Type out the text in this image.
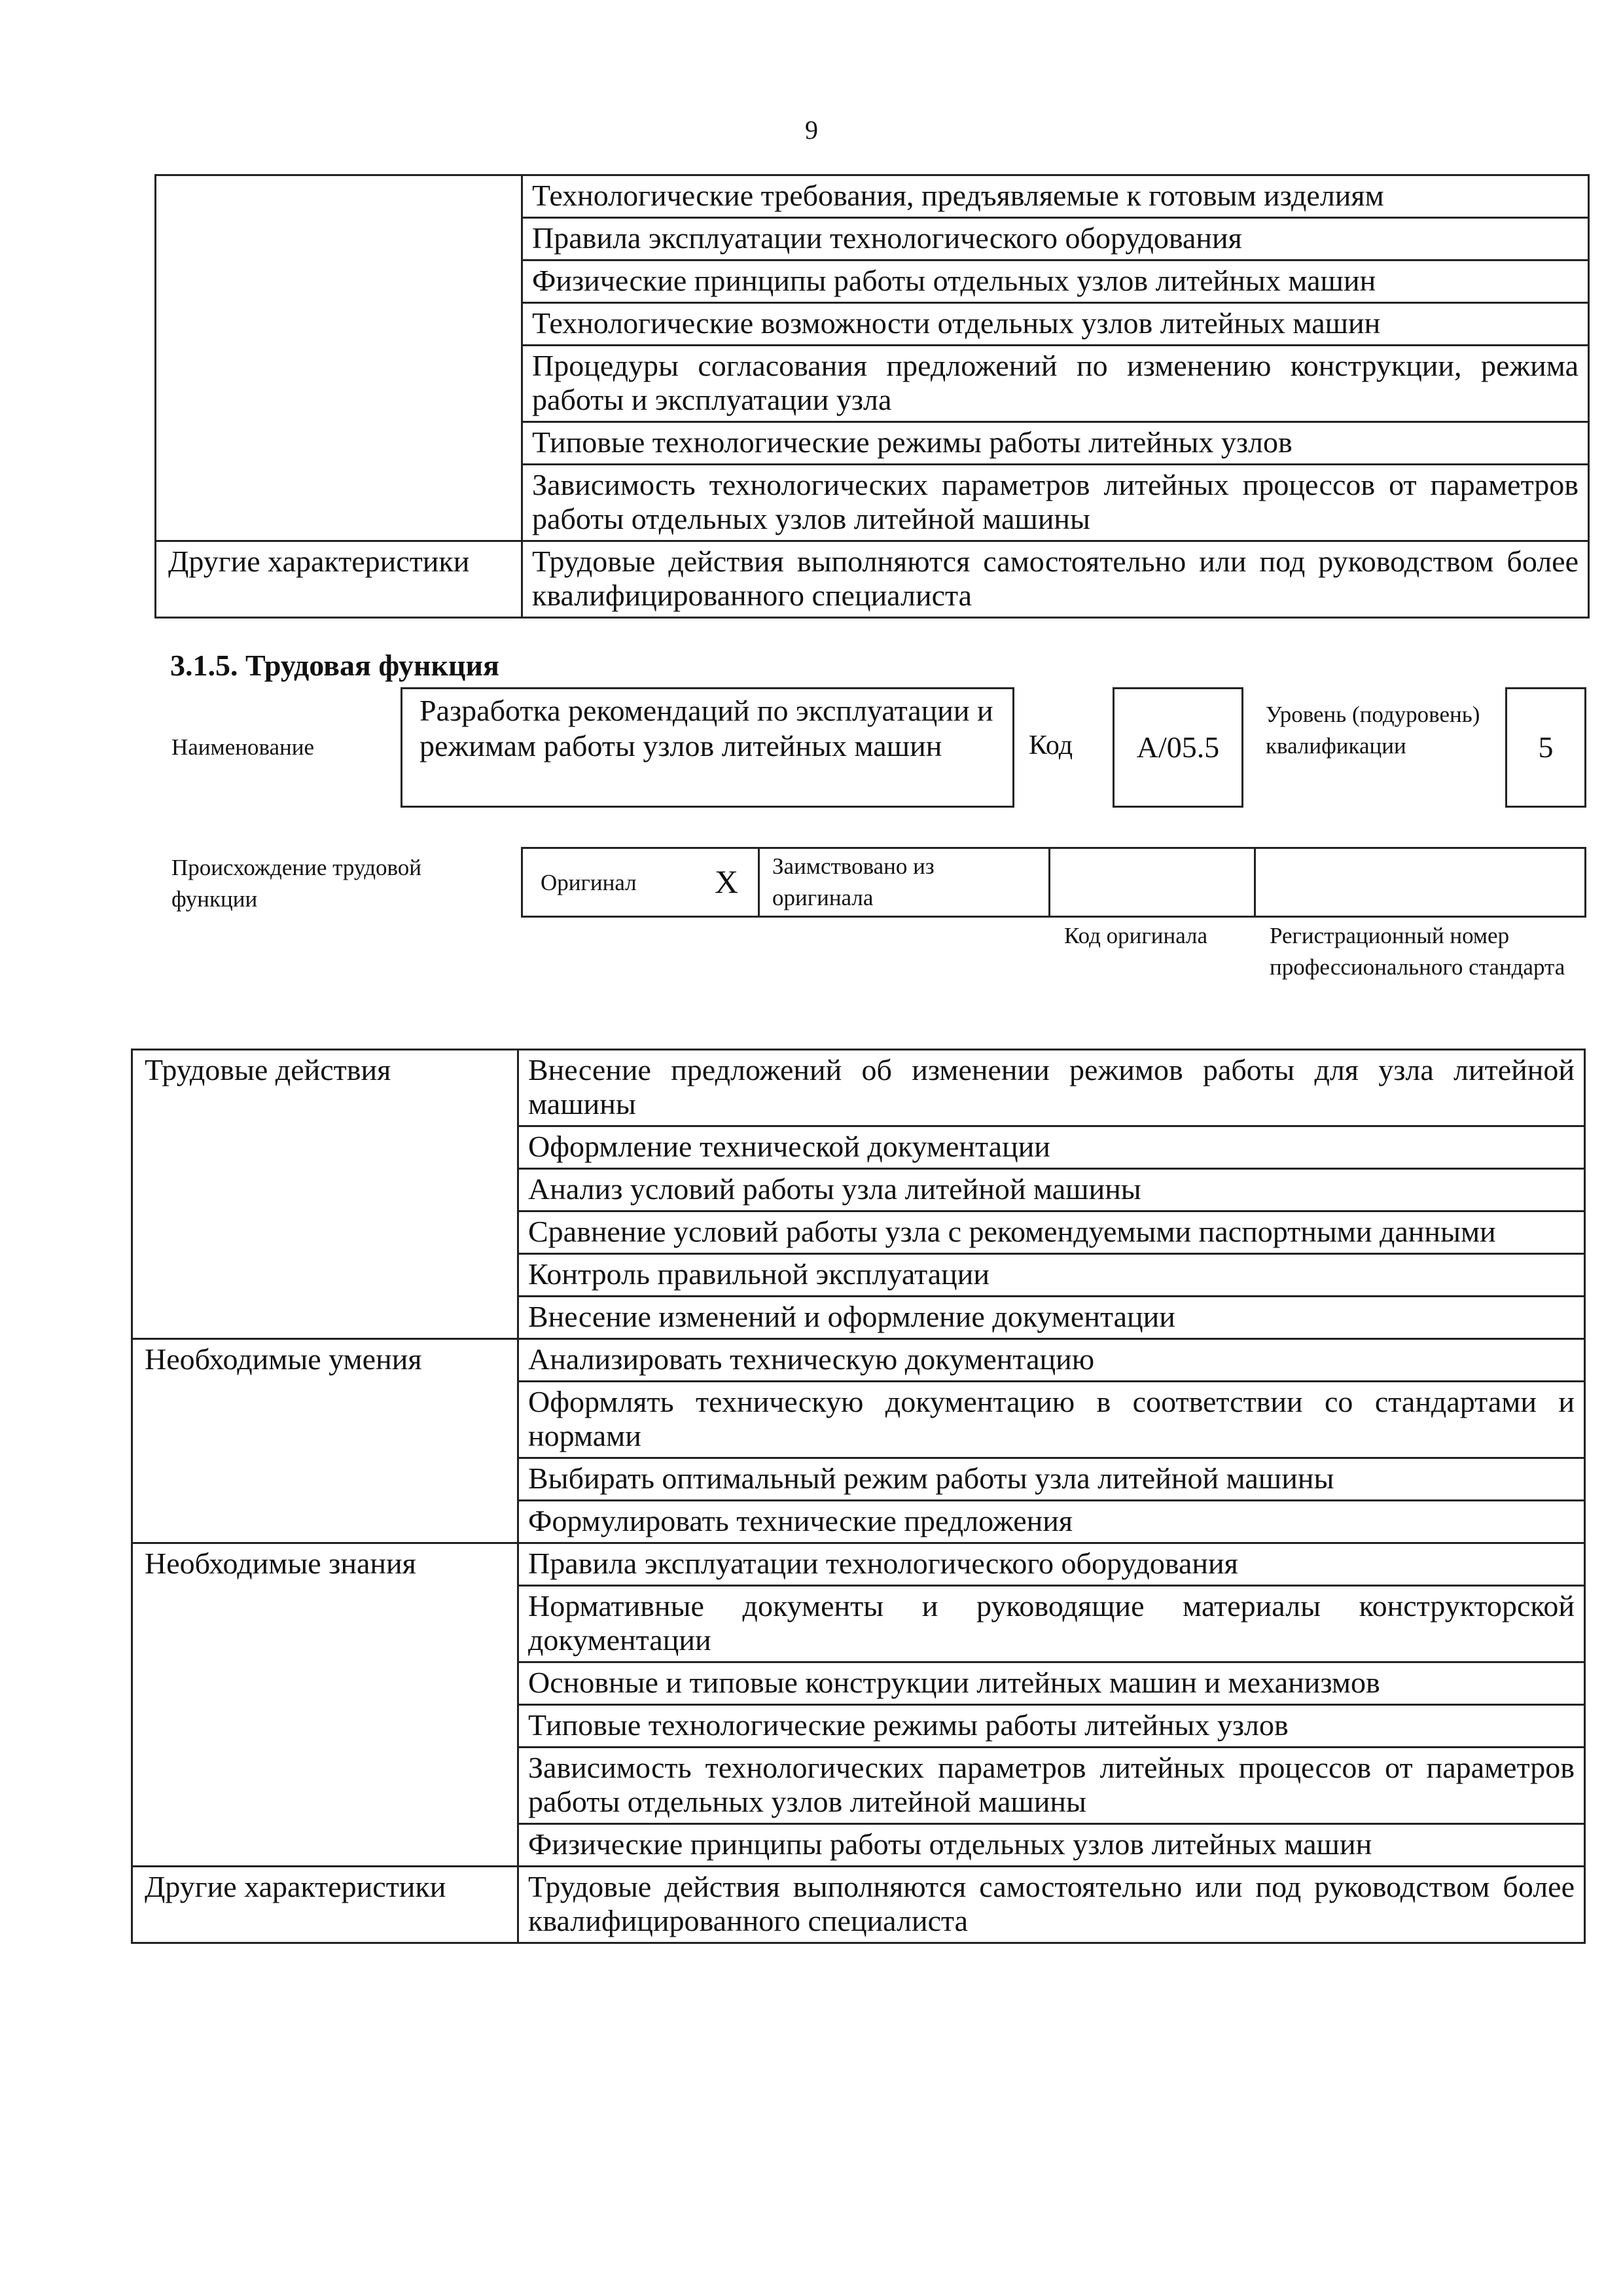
9
	Технологические требования, предъявляемые к готовым изделиям
	Правила эксплуатации технологического оборудования
	Физические принципы работы отдельных узлов литейных машин
	Технологические возможности отдельных узлов литейных машин
	Процедуры согласования предложений по изменению конструкции, режима работы и эксплуатации узла
	Типовые технологические режимы работы литейных узлов
	Зависимость технологических параметров литейных процессов от параметров работы отдельных узлов литейной машины
Другие характеристики	Трудовые действия выполняются самостоятельно или под руководством более квалифицированного специалиста
3.1.5. Трудовая функция
Наименование
Разработка рекомендаций по эксплуатации и режимам работы узлов литейных машин	Код	A/05.5
Уровень (подуровень) квалификации	5
Происхождение трудовой функции
Оригинал X Заимствовано из оригинала
Код оригинала	Регистрационный номер профессионального стандарта
Трудовые действия	Внесение предложений об изменении режимов работы для узла литейной машины
	Оформление технической документации
	Анализ условий работы узла литейной машины
	Сравнение условий работы узла с рекомендуемыми паспортными данными
	Контроль правильной эксплуатации
	Внесение изменений и оформление документации
Необходимые умения	Анализировать техническую документацию
	Оформлять техническую документацию в соответствии со стандартами и нормами
	Выбирать оптимальный режим работы узла литейной машины
	Формулировать технические предложения
Необходимые знания	Правила эксплуатации технологического оборудования
	Нормативные документы и руководящие материалы конструкторской документации
	Основные и типовые конструкции литейных машин и механизмов
	Типовые технологические режимы работы литейных узлов
	Зависимость технологических параметров литейных процессов от параметров работы отдельных узлов литейной машины
	Физические принципы работы отдельных узлов литейных машин
Другие характеристики	Трудовые действия выполняются самостоятельно или под руководством более квалифицированного специалиста
